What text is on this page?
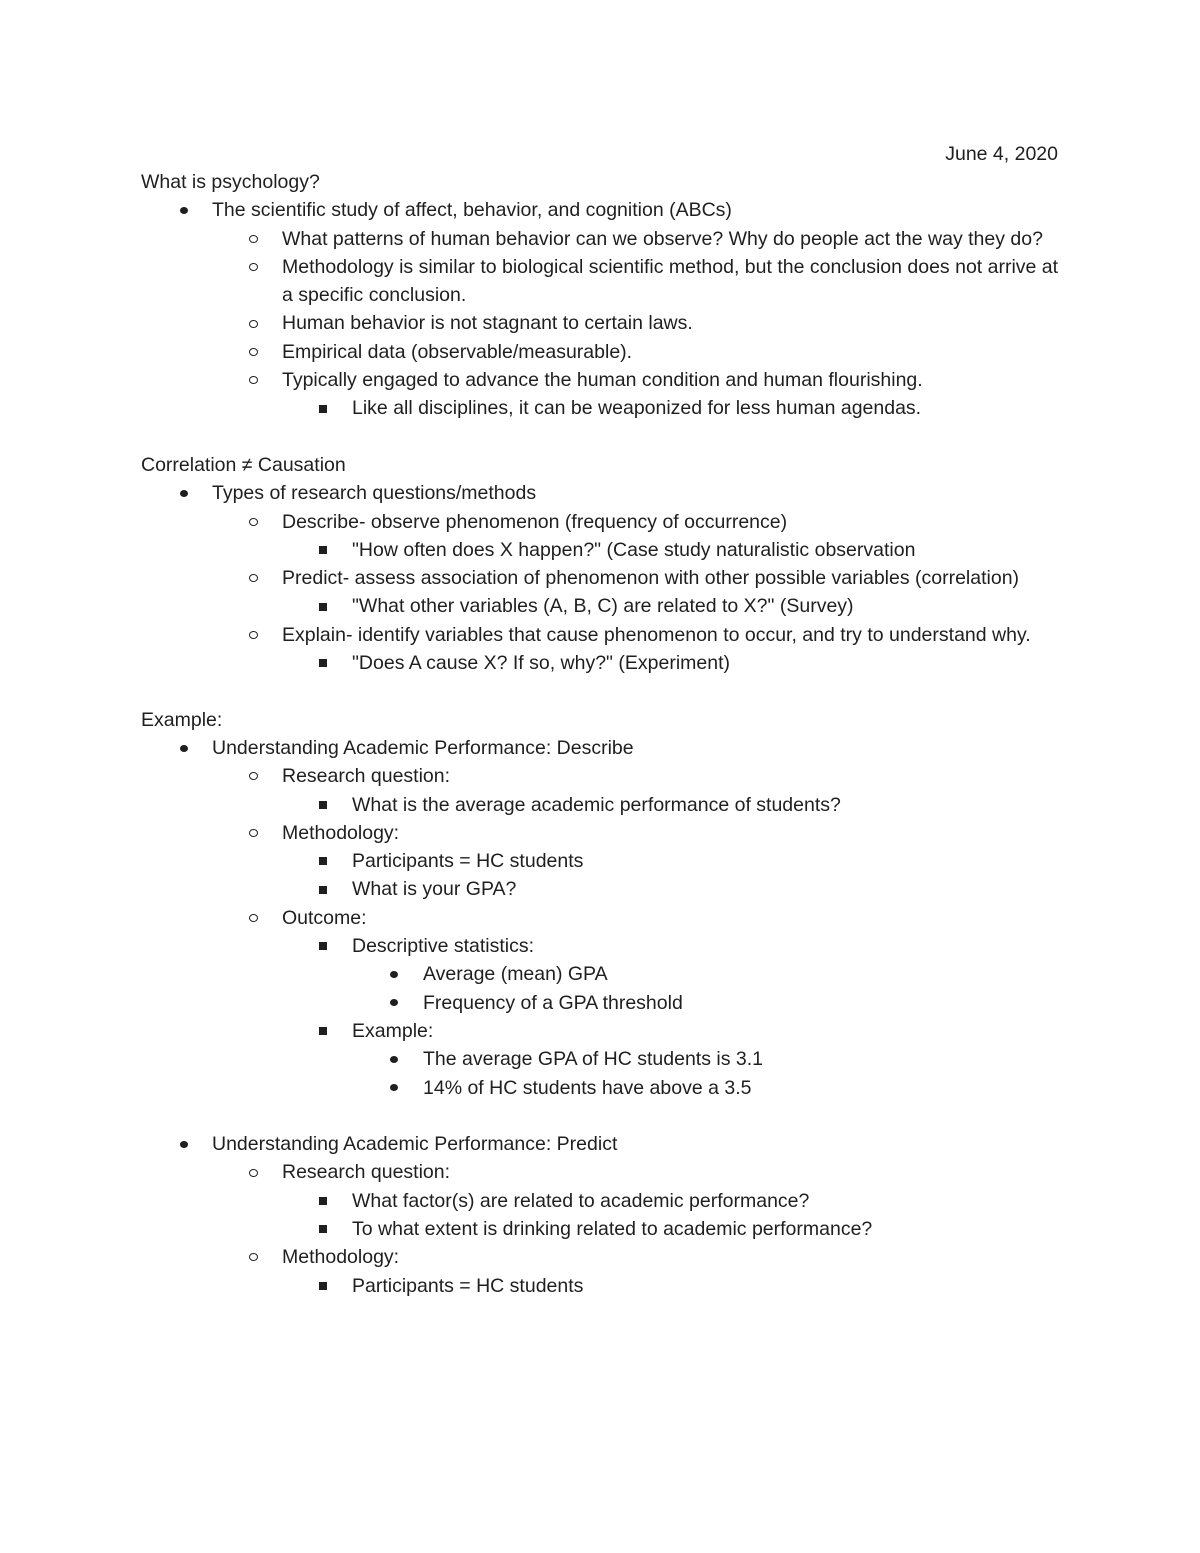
June 4, 2020

What is psychology?

The scientific study of affect, behavior, and cognition (ABCs)
What patterns of human behavior can we observe? Why do people act the way they do?
Methodology is similar to biological scientific method, but the conclusion does not arrive at a specific conclusion.
Human behavior is not stagnant to certain laws.
Empirical data (observable/measurable).
Typically engaged to advance the human condition and human flourishing.
Like all disciplines, it can be weaponized for less human agendas.

Correlation ≠ Causation

Types of research questions/methods
Describe- observe phenomenon (frequency of occurrence)
"How often does X happen?" (Case study naturalistic observation
Predict- assess association of phenomenon with other possible variables (correlation)
"What other variables (A, B, C) are related to X?" (Survey)
Explain- identify variables that cause phenomenon to occur, and try to understand why.
"Does A cause X? If so, why?" (Experiment)

Example:

Understanding Academic Performance: Describe
Research question:
What is the average academic performance of students?
Methodology:
Participants = HC students
What is your GPA?
Outcome:
Descriptive statistics:
Average (mean) GPA
Frequency of a GPA threshold
Example:
The average GPA of HC students is 3.1
14% of HC students have above a 3.5
Understanding Academic Performance: Predict
Research question:
What factor(s) are related to academic performance?
To what extent is drinking related to academic performance?
Methodology:
Participants = HC students
